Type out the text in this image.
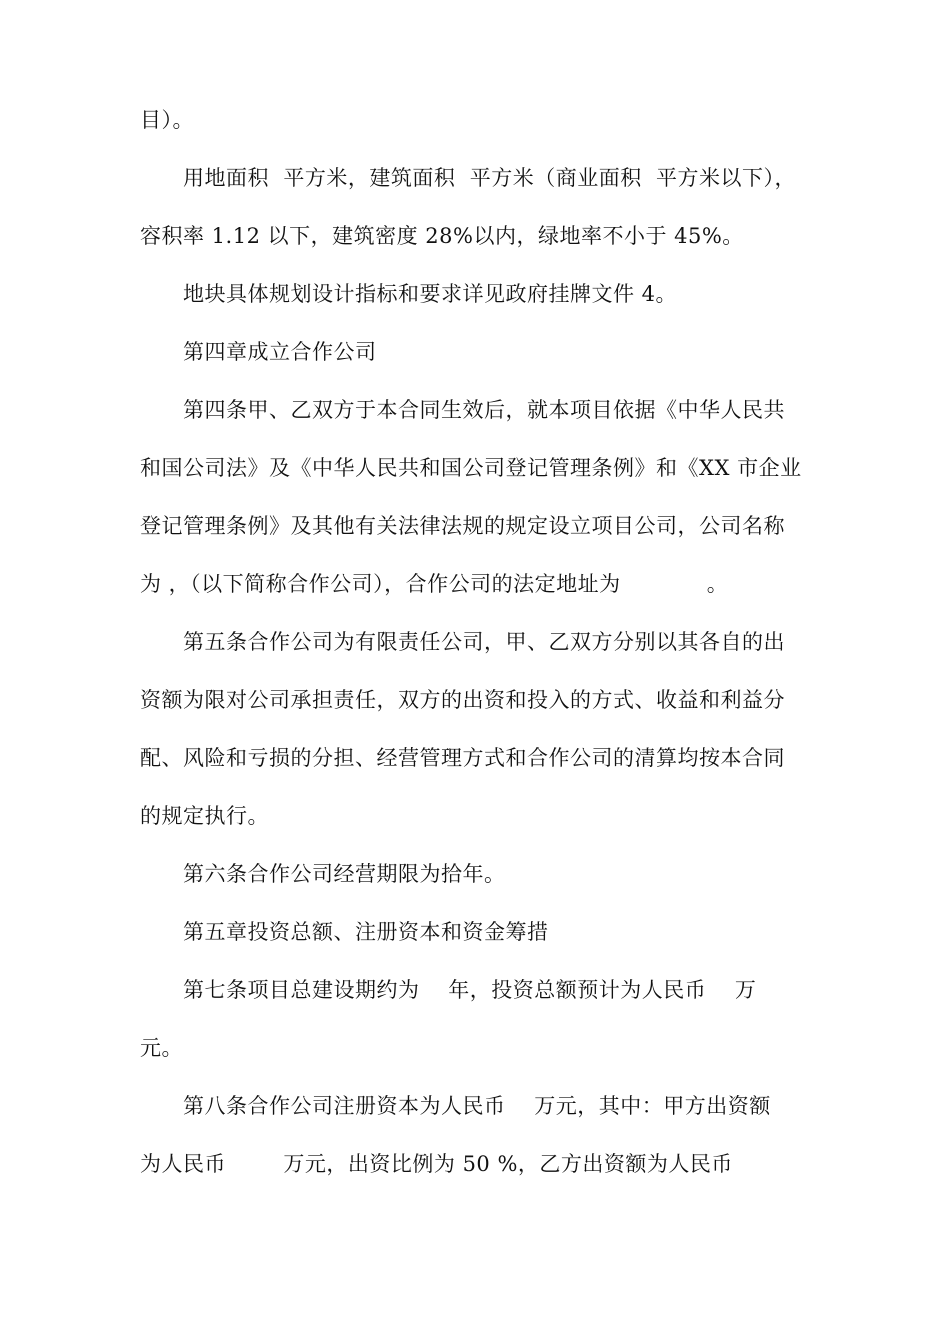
目）。
用地面积  平方米，建筑面积  平方米（商业面积  平方米以下），
容积率 1.12 以下，建筑密度 28%以内，绿地率不小于 45%。
地块具体规划设计指标和要求详见政府挂牌文件 4。
第四章成立合作公司
第四条甲、乙双方于本合同生效后，就本项目依据《中华人民共
和国公司法》及《中华人民共和国公司登记管理条例》和《XX 市企业
登记管理条例》及其他有关法律法规的规定设立项目公司，公司名称
为 ，（以下简称合作公司），合作公司的法定地址为            。
第五条合作公司为有限责任公司，甲、乙双方分别以其各自的出
资额为限对公司承担责任，双方的出资和投入的方式、收益和利益分
配、风险和亏损的分担、经营管理方式和合作公司的清算均按本合同
的规定执行。
第六条合作公司经营期限为拾年。
第五章投资总额、注册资本和资金筹措
第七条项目总建设期约为    年，投资总额预计为人民币    万
元。
第八条合作公司注册资本为人民币    万元，其中：甲方出资额
为人民币        万元，出资比例为 50 %，乙方出资额为人民币
